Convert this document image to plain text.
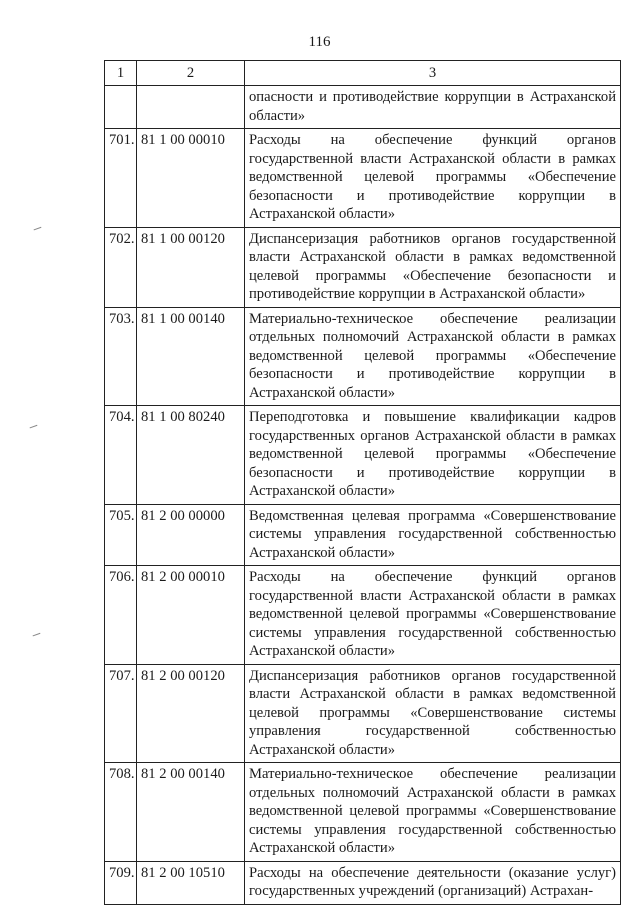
116
1	2	3
		опасности и противодействие коррупции в Астраханской области»
701.	81 1 00 00010	Расходы на обеспечение функций органов государственной власти Астраханской области в рамках ведомственной целевой программы «Обеспечение безопасности и противодействие коррупции в Астраханской области»
702.	81 1 00 00120	Диспансеризация работников органов государственной власти Астраханской области в рамках ведомственной целевой программы «Обеспечение безопасности и противодействие коррупции в Астраханской области»
703.	81 1 00 00140	Материально-техническое обеспечение реализации отдельных полномочий Астраханской области в рамках ведомственной целевой программы «Обеспечение безопасности и противодействие коррупции в Астраханской области»
704.	81 1 00 80240	Переподготовка и повышение квалификации кадров государственных органов Астраханской области в рамках ведомственной целевой программы «Обеспечение безопасности и противодействие коррупции в Астраханской области»
705.	81 2 00 00000	Ведомственная целевая программа «Совершенствование системы управления государственной собственностью Астраханской области»
706.	81 2 00 00010	Расходы на обеспечение функций органов государственной власти Астраханской области в рамках ведомственной целевой программы «Совершенствование системы управления государственной собственностью Астраханской области»
707.	81 2 00 00120	Диспансеризация работников органов государственной власти Астраханской области в рамках ведомственной целевой программы «Совершенствование системы управления государственной собственностью Астраханской области»
708.	81 2 00 00140	Материально-техническое обеспечение реализации отдельных полномочий Астраханской области в рамках ведомственной целевой программы «Совершенствование системы управления государственной собственностью Астраханской области»
709.	81 2 00 10510	Расходы на обеспечение деятельности (оказание услуг) государственных учреждений (организаций) Астрахан-
